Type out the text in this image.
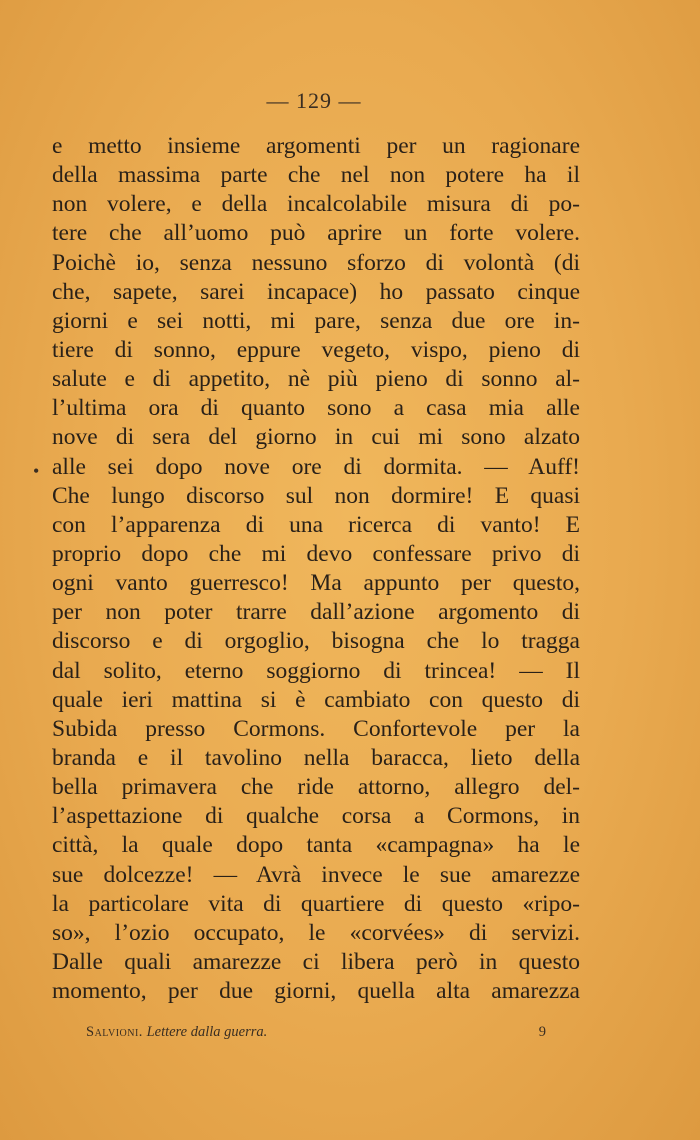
— 129 —
•
e metto insieme argomenti per un ragionare
della massima parte che nel non potere ha il
non volere, e della incalcolabile misura di po-
tere che all’uomo può aprire un forte volere.
Poichè io, senza nessuno sforzo di volontà (di
che, sapete, sarei incapace) ho passato cinque
giorni e sei notti, mi pare, senza due ore in-
tiere di sonno, eppure vegeto, vispo, pieno di
salute e di appetito, nè più pieno di sonno al-
l’ultima ora di quanto sono a casa mia alle
nove di sera del giorno in cui mi sono alzato
alle sei dopo nove ore di dormita. — Auff!
Che lungo discorso sul non dormire! E quasi
con l’apparenza di una ricerca di vanto! E
proprio dopo che mi devo confessare privo di
ogni vanto guerresco! Ma appunto per questo,
per non poter trarre dall’azione argomento di
discorso e di orgoglio, bisogna che lo tragga
dal solito, eterno soggiorno di trincea! — Il
quale ieri mattina si è cambiato con questo di
Subida presso Cormons. Confortevole per la
branda e il tavolino nella baracca, lieto della
bella primavera che ride attorno, allegro del-
l’aspettazione di qualche corsa a Cormons, in
città, la quale dopo tanta «campagna» ha le
sue dolcezze! — Avrà invece le sue amarezze
la particolare vita di quartiere di questo «ripo-
so», l’ozio occupato, le «corvées» di servizi.
Dalle quali amarezze ci libera però in questo
momento, per due giorni, quella alta amarezza
Salvioni. Lettere dalla guerra.	9
